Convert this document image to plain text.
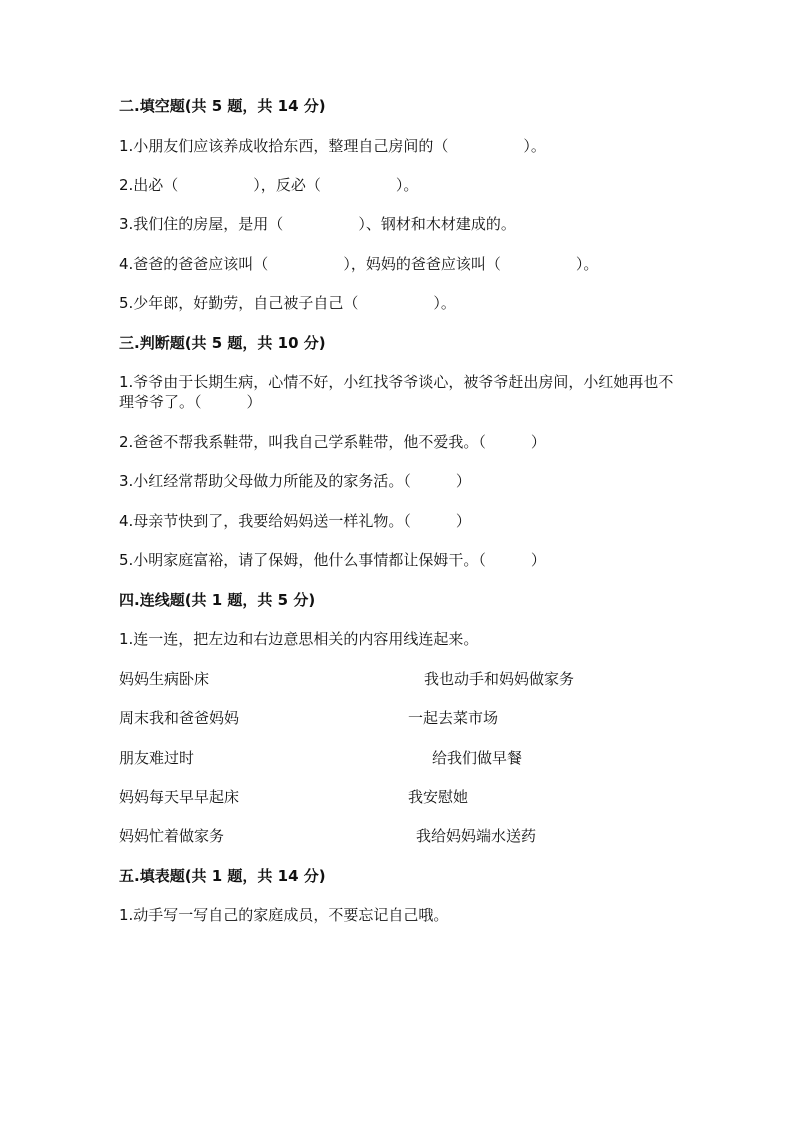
二.填空题(共 5 题，共 14 分)
1.小朋友们应该养成收拾东西，整理自己房间的（　　　　　）。
2.出必（　　　　　），反必（　　　　　）。
3.我们住的房屋，是用（　　　　　）、钢材和木材建成的。
4.爸爸的爸爸应该叫（　　　　　），妈妈的爸爸应该叫（　　　　　）。
5.少年郎，好勤劳，自己被子自己（　　　　　）。
三.判断题(共 5 题，共 10 分)
1.爷爷由于长期生病，心情不好，小红找爷爷谈心，被爷爷赶出房间，小红她再也不理爷爷了。（　　　）
2.爸爸不帮我系鞋带，叫我自己学系鞋带，他不爱我。（　　　）
3.小红经常帮助父母做力所能及的家务活。（　　　）
4.母亲节快到了，我要给妈妈送一样礼物。（　　　）
5.小明家庭富裕，请了保姆，他什么事情都让保姆干。（　　　）
四.连线题(共 1 题，共 5 分)
1.连一连，把左边和右边意思相关的内容用线连起来。
妈妈生病卧床	我也动手和妈妈做家务
周末我和爸爸妈妈	一起去菜市场
朋友难过时	给我们做早餐
妈妈每天早早起床	我安慰她
妈妈忙着做家务	我给妈妈端水送药
五.填表题(共 1 题，共 14 分)
1.动手写一写自己的家庭成员，不要忘记自己哦。
